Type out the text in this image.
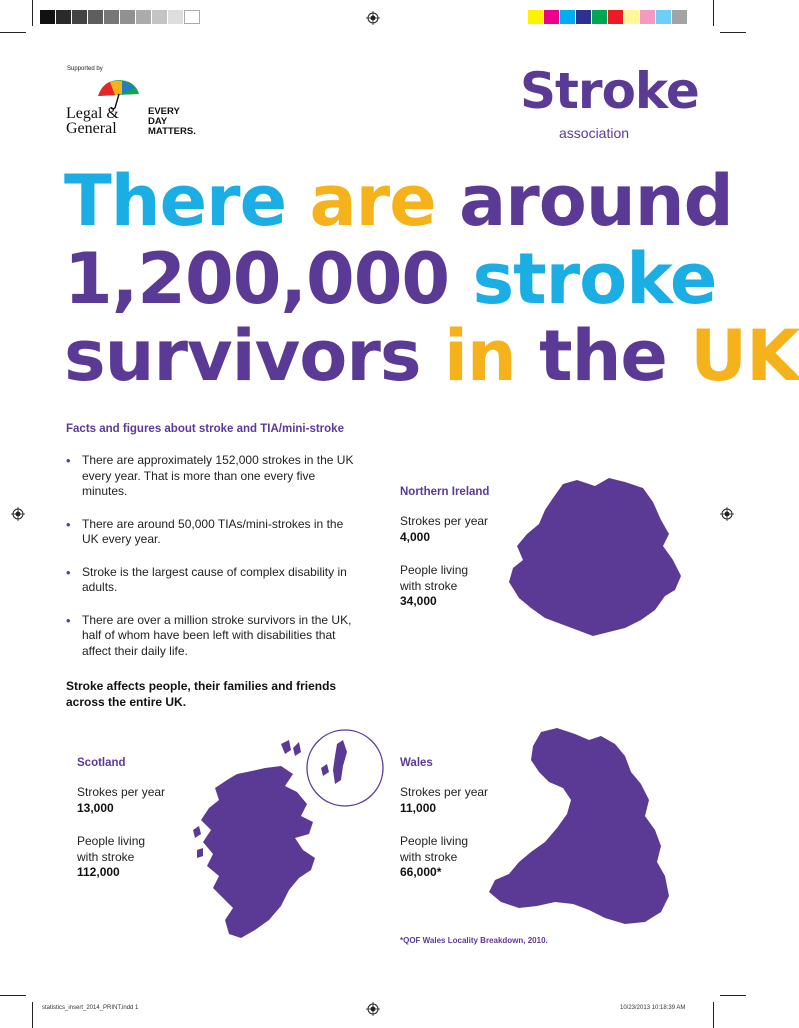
Supported by
Legal &
General
EVERY
DAY
MATTERS.
Stroke
association
There are around
1,200,000 stroke
survivors in the UK
Facts and figures about stroke and TIA/mini-stroke
• There are approximately 152,000 strokes in the UK every year. That is more than one every five minutes.
• There are around 50,000 TIAs/mini-strokes in the UK every year.
• Stroke is the largest cause of complex disability in adults.
• There are over a million stroke survivors in the UK, half of whom have been left with disabilities that affect their daily life.
Stroke affects people, their families and friends across the entire UK.
Northern Ireland
Strokes per year
4,000
People living
with stroke
34,000
Scotland
Strokes per year
13,000
People living
with stroke
112,000
Wales
Strokes per year
11,000
People living
with stroke
66,000*
*QOF Wales Locality Breakdown, 2010.
statistics_insert_2014_PRINT.indd 1	10/23/2013 10:18:39 AM
